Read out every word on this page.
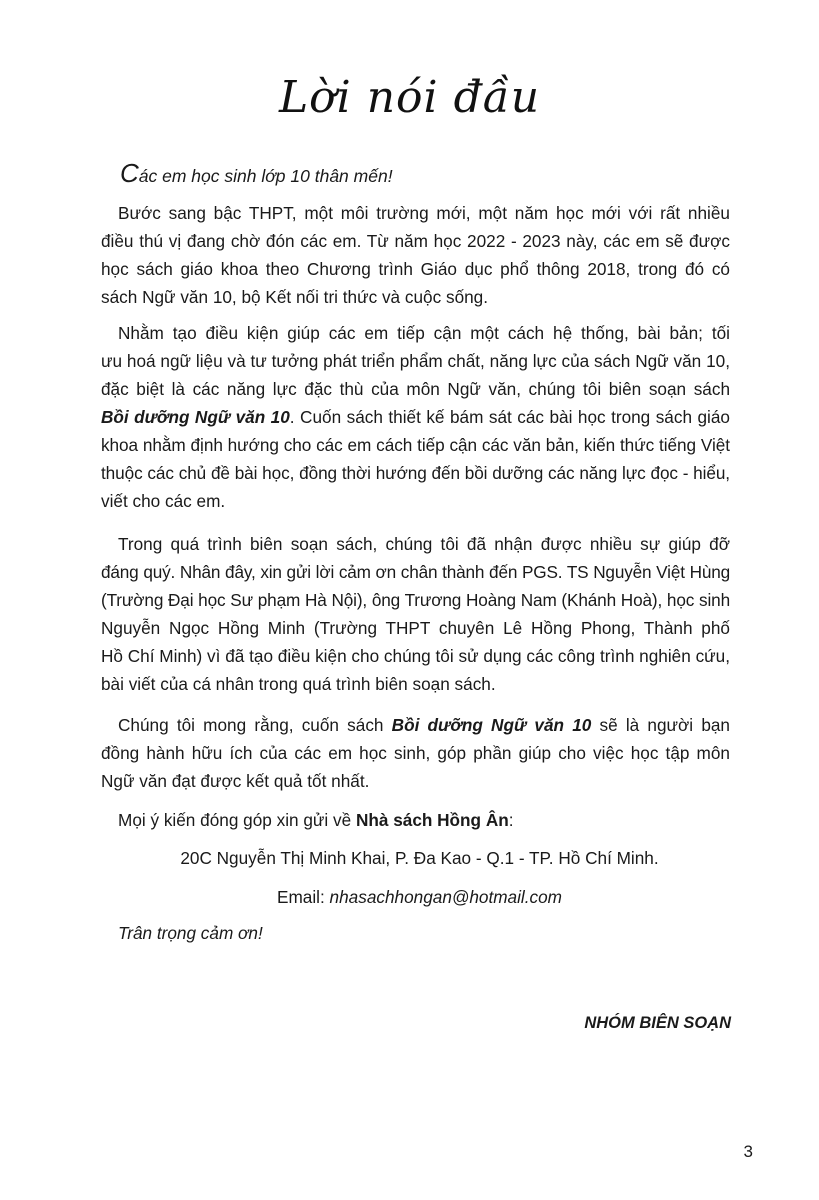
Lời nói đầu
Các em học sinh lớp 10 thân mến!
Bước sang bậc THPT, một môi trường mới, một năm học mới với rất nhiều
điều thú vị đang chờ đón các em. Từ năm học 2022 - 2023 này, các em sẽ được
học sách giáo khoa theo Chương trình Giáo dục phổ thông 2018, trong đó có
sách Ngữ văn 10, bộ Kết nối tri thức và cuộc sống.
Nhằm tạo điều kiện giúp các em tiếp cận một cách hệ thống, bài bản; tối
ưu hoá ngữ liệu và tư tưởng phát triển phẩm chất, năng lực của sách Ngữ văn 10,
đặc biệt là các năng lực đặc thù của môn Ngữ văn, chúng tôi biên soạn sách
Bồi dưỡng Ngữ văn 10. Cuốn sách thiết kế bám sát các bài học trong sách giáo
khoa nhằm định hướng cho các em cách tiếp cận các văn bản, kiến thức tiếng Việt
thuộc các chủ đề bài học, đồng thời hướng đến bồi dưỡng các năng lực đọc - hiểu,
viết cho các em.
Trong quá trình biên soạn sách, chúng tôi đã nhận được nhiều sự giúp đỡ
đáng quý. Nhân đây, xin gửi lời cảm ơn chân thành đến PGS. TS Nguyễn Việt Hùng
(Trường Đại học Sư phạm Hà Nội), ông Trương Hoàng Nam (Khánh Hoà), học sinh
Nguyễn Ngọc Hồng Minh (Trường THPT chuyên Lê Hồng Phong, Thành phố
Hồ Chí Minh) vì đã tạo điều kiện cho chúng tôi sử dụng các công trình nghiên cứu,
bài viết của cá nhân trong quá trình biên soạn sách.
Chúng tôi mong rằng, cuốn sách Bồi dưỡng Ngữ văn 10 sẽ là người bạn
đồng hành hữu ích của các em học sinh, góp phần giúp cho việc học tập môn
Ngữ văn đạt được kết quả tốt nhất.
Mọi ý kiến đóng góp xin gửi về Nhà sách Hồng Ân:
20C Nguyễn Thị Minh Khai, P. Đa Kao - Q.1 - TP. Hồ Chí Minh.
Email: nhasachhongan@hotmail.com
Trân trọng cảm ơn!
NHÓM BIÊN SOẠN
3
